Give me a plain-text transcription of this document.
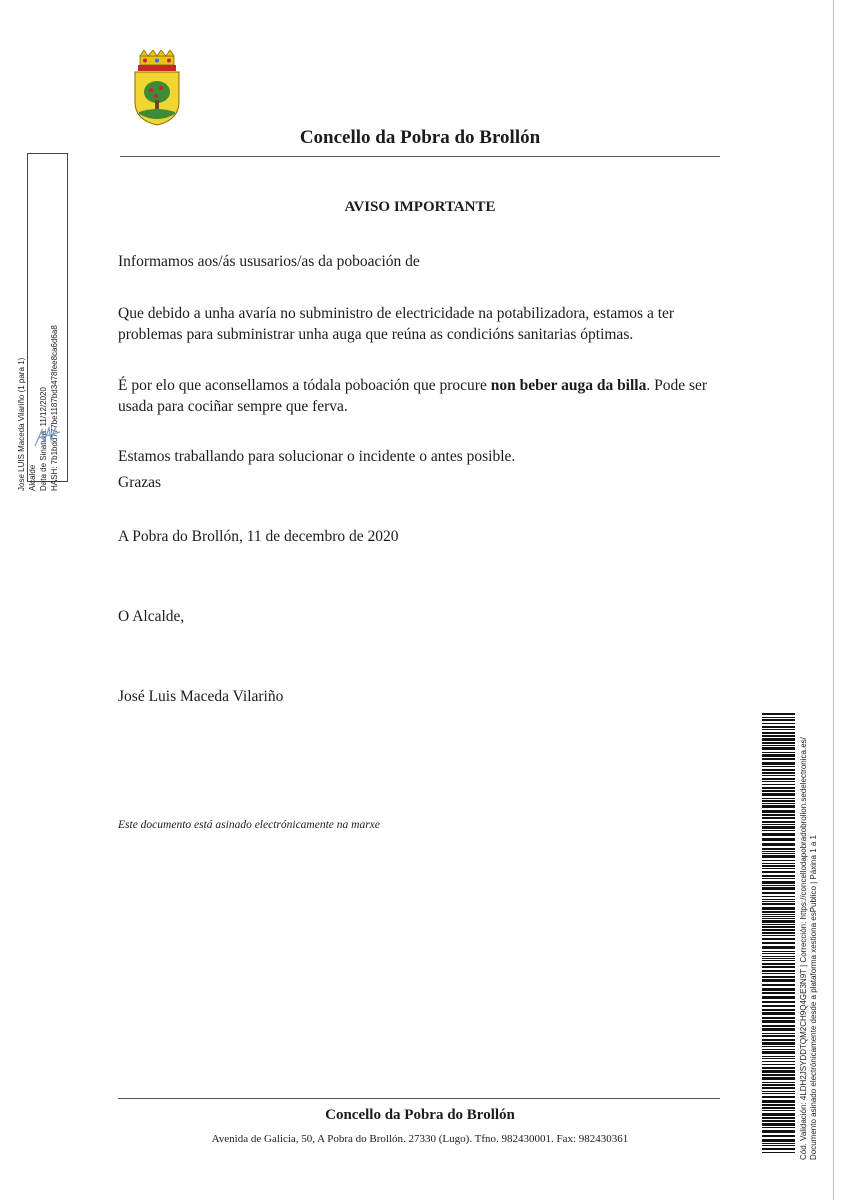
Concello da Pobra do Brollón
AVISO IMPORTANTE
Informamos aos/ás ususarios/as da poboación de
Que debido a unha avaría no subministro de electricidade na potabilizadora, estamos a ter problemas para subministrar unha auga que reúna as condicións sanitarias óptimas.
É por elo que aconsellamos a tódala poboación que procure non beber auga da billa. Pode ser usada para cociñar sempre que ferva.
Estamos traballando para solucionar o incidente o antes posible.
Grazas
A Pobra do Brollón, 11 de decembro de 2020
O Alcalde,
José Luis Maceda Vilariño
Este documento está asinado electrónicamente na marxe
Jose LUIS Maceda Vilariño (1 para 1) Alcalde Data de Sinatura: 11/12/2020 HASH: 7b1bdd777be1187bd3478fee8ca6d6a8
Cód. Validación: 4LDH2JSYDDTQM2CH9Q4GE3N9T | Corrección: https://concellodapobradobrollon.sedelectronica.es/ Documento asinado electrónicamente desde a plataforma xestiona esPublico | Páxina 1 a 1
Concello da Pobra do Brollón
Avenida de Galicia, 50, A Pobra do Brollón. 27330 (Lugo). Tfno. 982430001. Fax: 982430361
